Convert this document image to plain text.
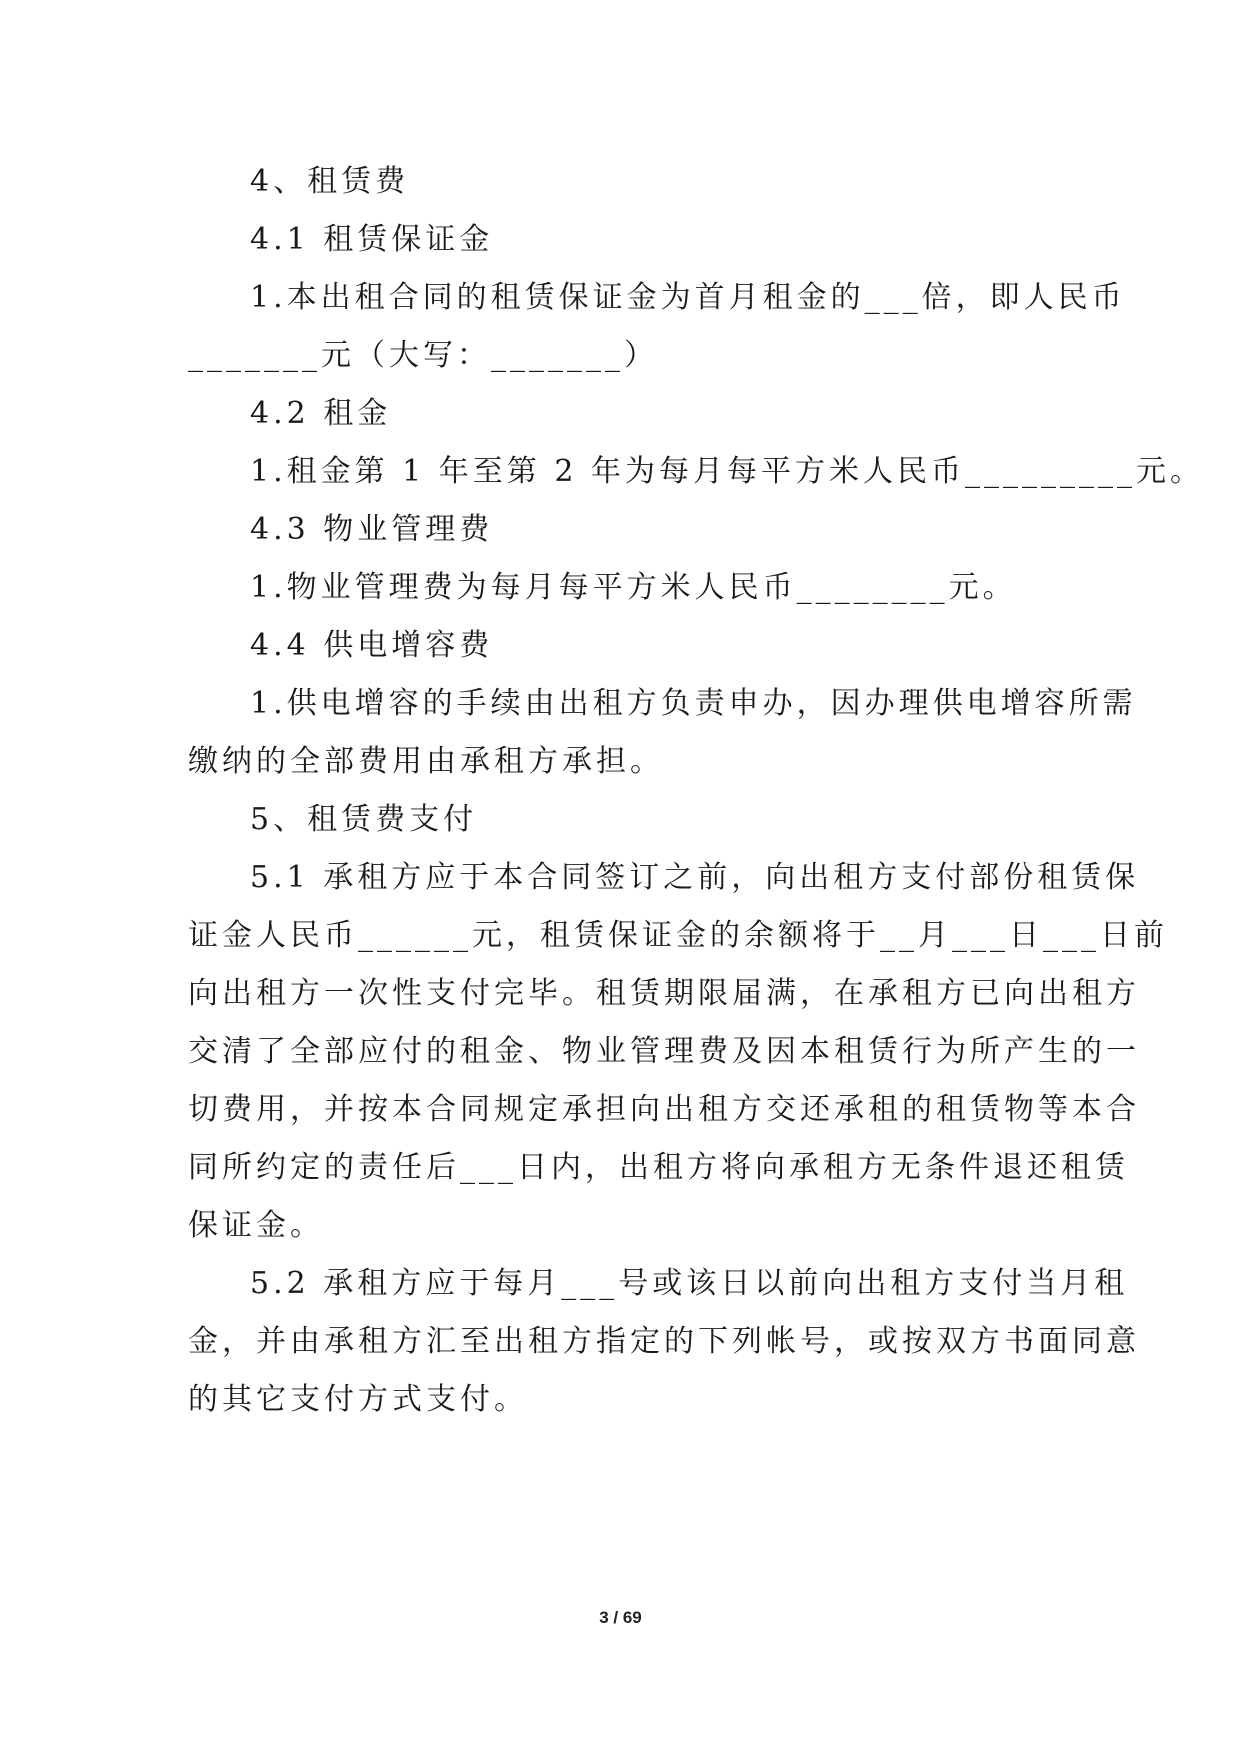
4、租赁费
4.1 租赁保证金
1.本出租合同的租赁保证金为首月租金的___倍，即人民币
_______元（大写：_______）
4.2 租金
1.租金第 1 年至第 2 年为每月每平方米人民币_________元。
4.3 物业管理费
1.物业管理费为每月每平方米人民币________元。
4.4 供电增容费
1.供电增容的手续由出租方负责申办，因办理供电增容所需
缴纳的全部费用由承租方承担。
5、租赁费支付
5.1 承租方应于本合同签订之前，向出租方支付部份租赁保
证金人民币______元，租赁保证金的余额将于__月___日___日前
向出租方一次性支付完毕。租赁期限届满，在承租方已向出租方
交清了全部应付的租金、物业管理费及因本租赁行为所产生的一
切费用，并按本合同规定承担向出租方交还承租的租赁物等本合
同所约定的责任后___日内，出租方将向承租方无条件退还租赁
保证金。
5.2 承租方应于每月___号或该日以前向出租方支付当月租
金，并由承租方汇至出租方指定的下列帐号，或按双方书面同意
的其它支付方式支付。
3 / 69
